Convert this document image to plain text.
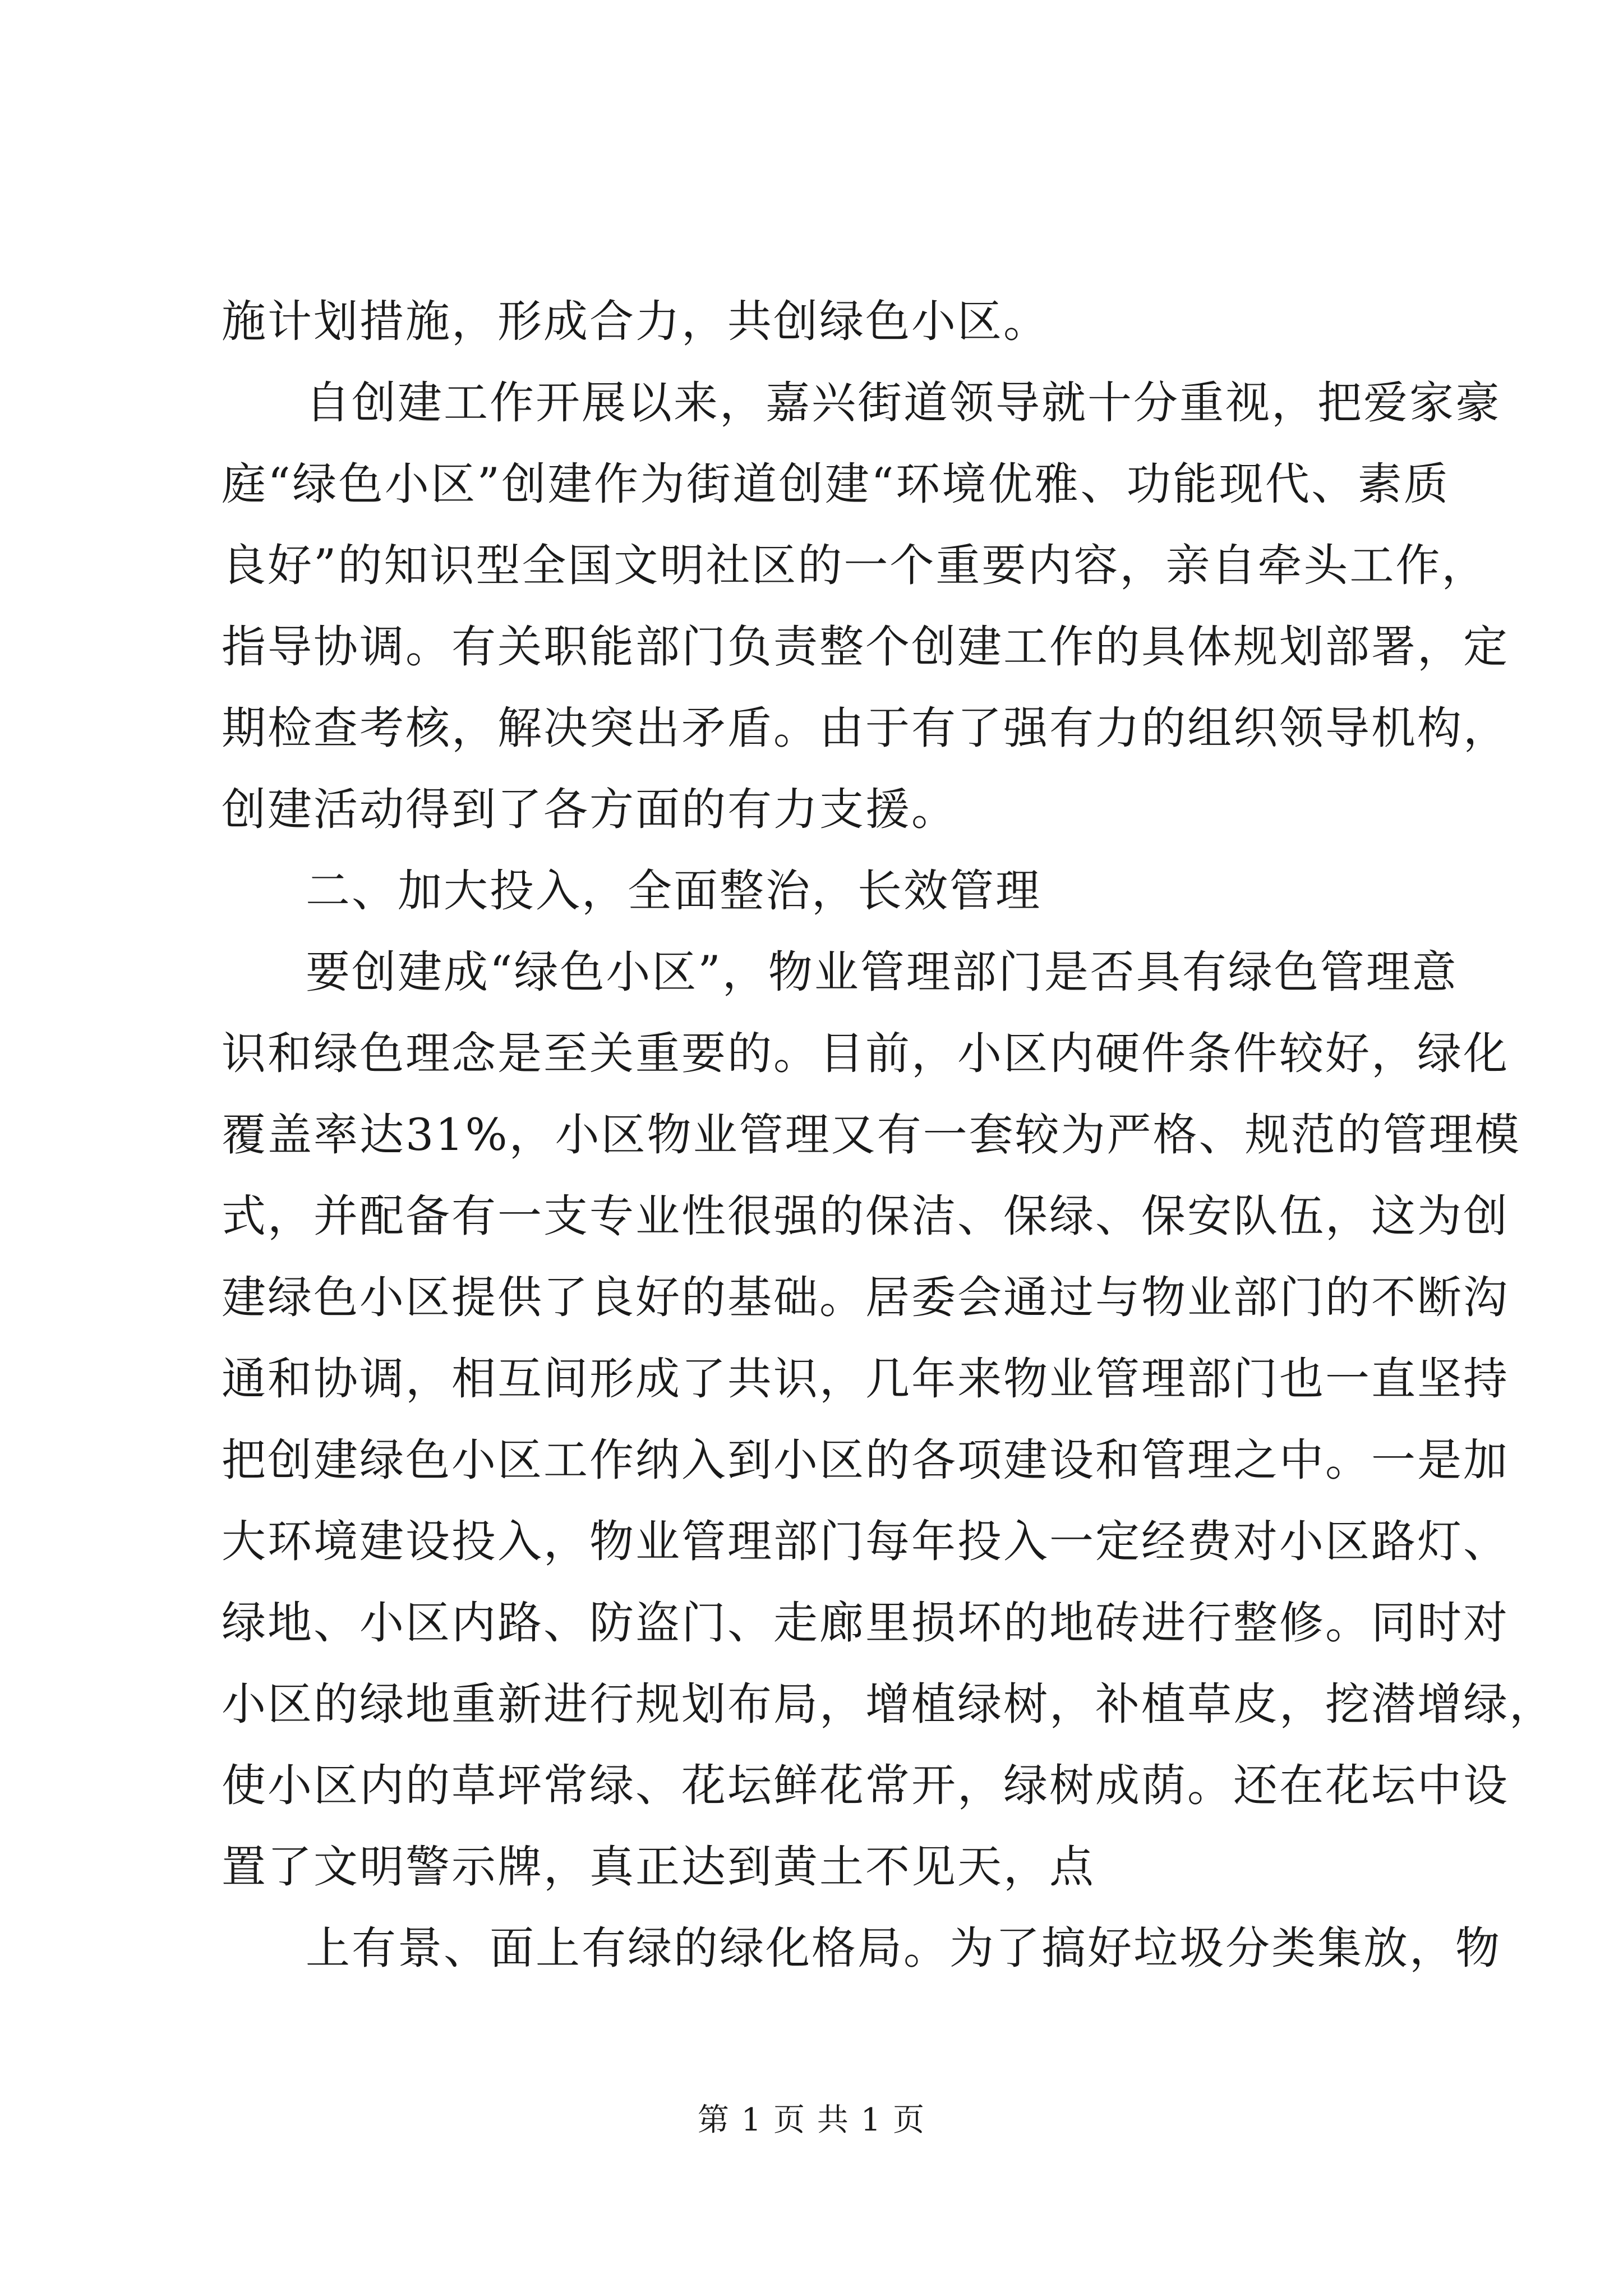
施计划措施，形成合力，共创绿色小区。
自创建工作开展以来，嘉兴街道领导就十分重视，把爱家豪
庭“绿色小区”创建作为街道创建“环境优雅、功能现代、素质
良好”的知识型全国文明社区的一个重要内容，亲自牵头工作，
指导协调。有关职能部门负责整个创建工作的具体规划部署，定
期检查考核，解决突出矛盾。由于有了强有力的组织领导机构，
创建活动得到了各方面的有力支援。
二、加大投入，全面整治，长效管理
要创建成“绿色小区”，物业管理部门是否具有绿色管理意
识和绿色理念是至关重要的。目前，小区内硬件条件较好，绿化
覆盖率达31%，小区物业管理又有一套较为严格、规范的管理模
式，并配备有一支专业性很强的保洁、保绿、保安队伍，这为创
建绿色小区提供了良好的基础。居委会通过与物业部门的不断沟
通和协调，相互间形成了共识，几年来物业管理部门也一直坚持
把创建绿色小区工作纳入到小区的各项建设和管理之中。一是加
大环境建设投入，物业管理部门每年投入一定经费对小区路灯、
绿地、小区内路、防盗门、走廊里损坏的地砖进行整修。同时对
小区的绿地重新进行规划布局，增植绿树，补植草皮，挖潜增绿，
使小区内的草坪常绿、花坛鲜花常开，绿树成荫。还在花坛中设
置了文明警示牌，真正达到黄土不见天，点
上有景、面上有绿的绿化格局。为了搞好垃圾分类集放，物
第 1 页 共 1 页
